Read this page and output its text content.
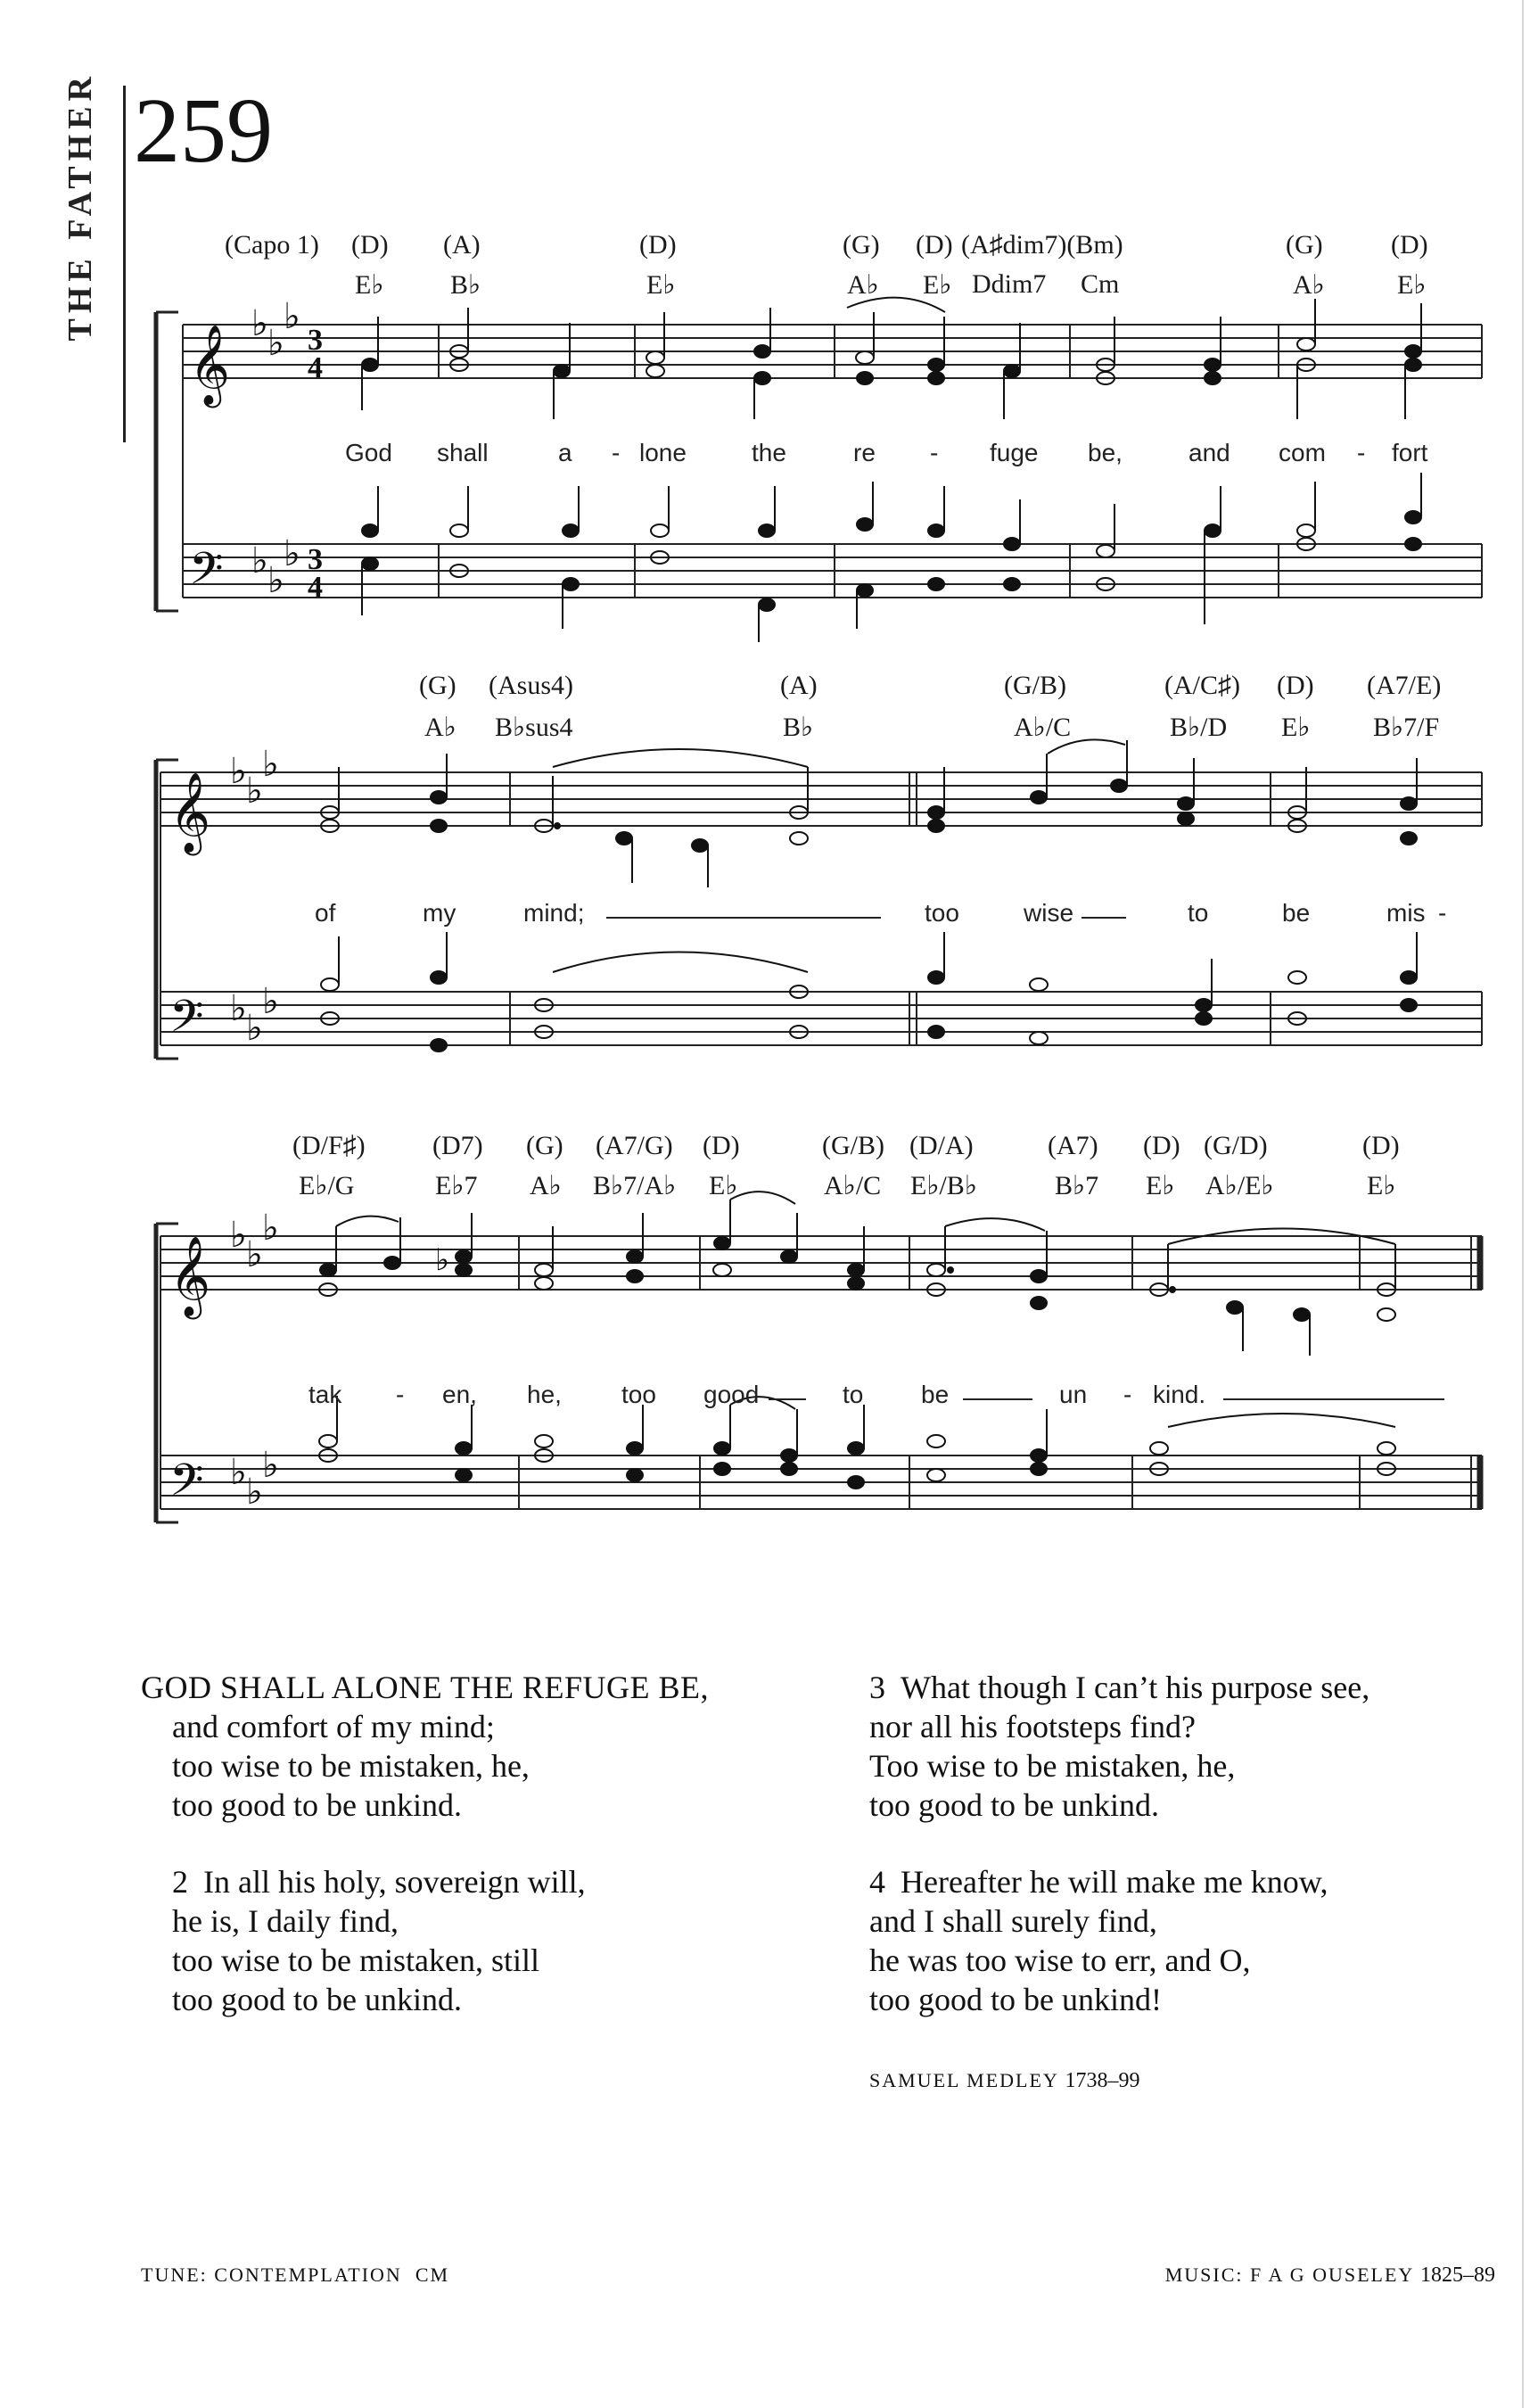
THE FATHER 259
(Capo 1) (D) (A)	(D)	(G) (D) (A♯dim7)(Bm)	(G)	(D)
E♭ B♭	E♭	A♭ E♭ Ddim7 Cm	A♭	E♭
𝄞
𝄢
♭ ♭
♭
♭ ♭
♭
3
4
3
4
𝄞
𝄢
♭ ♭
♭
♭ ♭
♭
𝄞
𝄢
♭ ♭
♭
♭ ♭
♭
♭
God shall	a - lone	the	re - fuge be,	and com - fort
(G) (Asus4)	(A)	(G/B)	(A/C♯) (D) (A7/E)
A♭ B♭sus4	B♭	A♭/C	B♭/D E♭ B♭7/F
of	my	mind;	too	wise	to	be	mis -
(D/F♯)	(D7) (G) (A7/G) (D)	(G/B) (D/A)	(A7) (D) (G/D)	(D)
E♭/G	E♭7 A♭ B♭7/A♭ E♭	A♭/C E♭/B♭	B♭7 E♭ A♭/E♭	E♭
tak - en, he, too good	to be	un - kind.
GOD SHALL ALONE THE REFUGE BE,
and comfort of my mind;
too wise to be mistaken, he,
too good to be unkind.
2 In all his holy, sovereign will,
he is, I daily find,
too wise to be mistaken, still
too good to be unkind.
3 What though I can’t his purpose see,
nor all his footsteps find?
Too wise to be mistaken, he,
too good to be unkind.
4 Hereafter he will make me know,
and I shall surely find,
he was too wise to err, and O,
too good to be unkind!
SAMUEL MEDLEY 1738–99
TUNE: CONTEMPLATION  CM	MUSIC: F A G OUSELEY 1825–89
